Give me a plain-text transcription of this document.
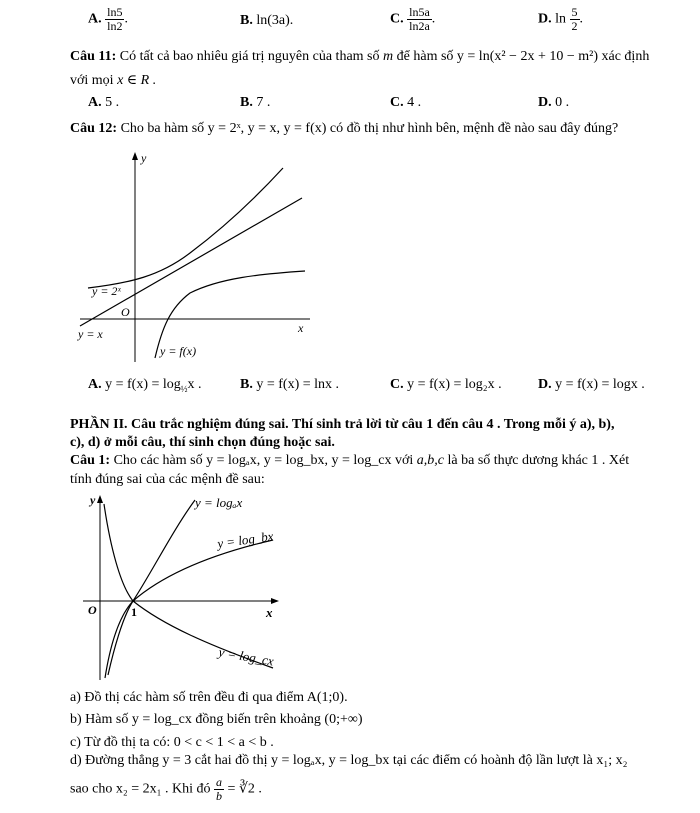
A. $\frac{\ln 5}{\ln 2}$ .	B. ln(3a).	C. $\frac{\ln 5a}{\ln 2a}$ .	D. $\ln \frac{5}{2}$ .
Câu 11: Có tất cả bao nhiêu giá trị nguyên của tham số m để hàm số y = ln(x² − 2x + 10 − m²) xác định
với mọi x ∈ R .
A. 5 .	B. 7 .	C. 4 .	D. 0 .
Câu 12: Cho ba hàm số y = 2ˣ, y = x, y = f(x) có đồ thị như hình bên, mệnh đề nào sau đây đúng?
y
x
O
y = 2ˣ
y = x
y = f(x)
A. $y = f(x) = \log_{\frac{1}{2}}x$ .	B. y = f(x) = lnx .	C. y = f(x) = log₂x .	D. y = f(x) = logx .
PHẦN II. Câu trắc nghiệm đúng sai. Thí sinh trả lời từ câu 1 đến câu 4 . Trong mỗi ý a), b),
c), d) ở mỗi câu, thí sinh chọn đúng hoặc sai.
Câu 1: Cho các hàm số y = logₐx, y = log_bx, y = log_cx với a,b,c là ba số thực dương khác 1 . Xét
tính đúng sai của các mệnh đề sau:
y
x
O	1
y = logₐx
y = log_bx
y = log_cx
a) Đồ thị các hàm số trên đều đi qua điểm A(1;0).
b) Hàm số y = log_cx đồng biến trên khoảng (0;+∞)
c) Từ đồ thị ta có: 0 < c < 1 < a < b .
d) Đường thẳng y = 3 cắt hai đồ thị y = logₐx, y = log_bx tại các điểm có hoành độ lần lượt là x₁; x₂
sao cho x₂ = 2x₁ . Khi đó $\frac{a}{b}$ = ∛2 .
